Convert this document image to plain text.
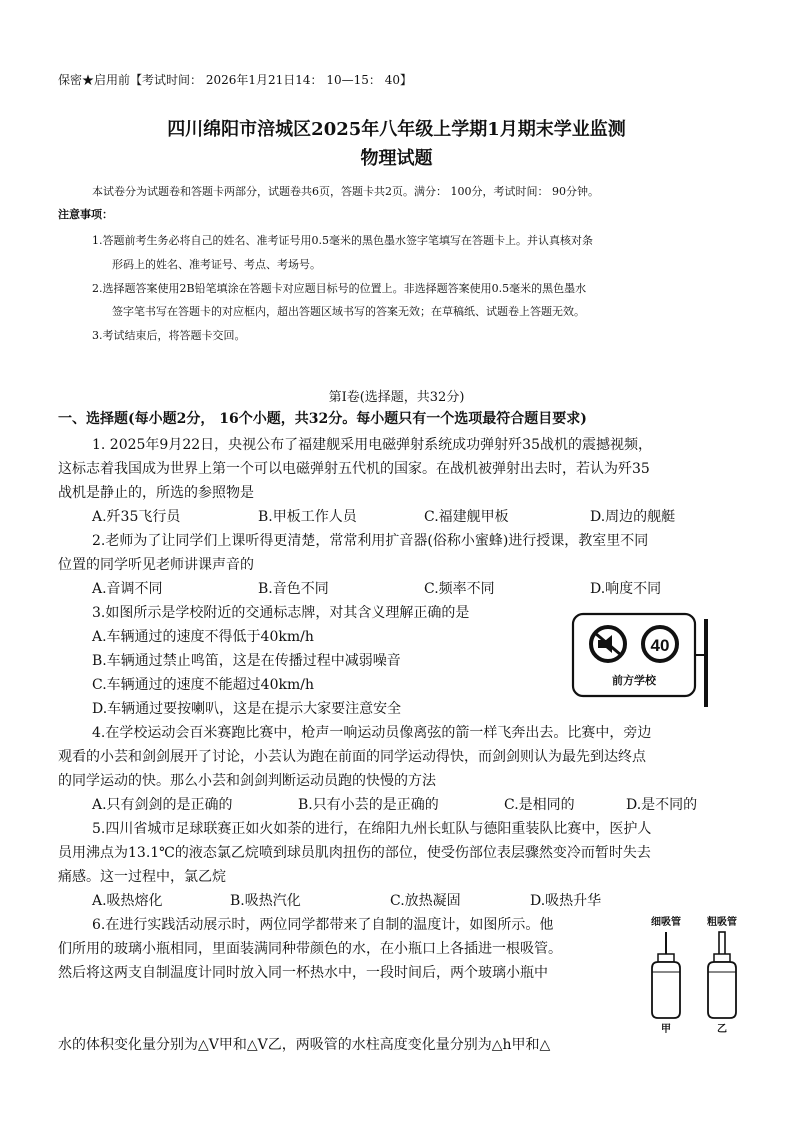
保密★启用前【考试时间： 2026年1月21日14： 10—15： 40】
四川绵阳市涪城区2025年八年级上学期1月期末学业监测
物理试题
本试卷分为试题卷和答题卡两部分，试题卷共6页，答题卡共2页。满分： 100分，考试时间： 90分钟。
注意事项：
1.答题前考生务必将自己的姓名、准考证号用0.5毫米的黑色墨水签字笔填写在答题卡上。并认真核对条
形码上的姓名、准考证号、考点、考场号。
2.选择题答案使用2B铅笔填涂在答题卡对应题目标号的位置上。非选择题答案使用0.5毫米的黑色墨水
签字笔书写在答题卡的对应框内，超出答题区域书写的答案无效；在草稿纸、试题卷上答题无效。
3.考试结束后，将答题卡交回。
第Ⅰ卷(选择题，共32分)
一、选择题(每小题2分， 16个小题，共32分。每小题只有一个选项最符合题目要求)
1. 2025年9月22日，央视公布了福建舰采用电磁弹射系统成功弹射歼35战机的震撼视频，
这标志着我国成为世界上第一个可以电磁弹射五代机的国家。在战机被弹射出去时，若认为歼35
战机是静止的，所选的参照物是
A.歼35飞行员	B.甲板工作人员	C.福建舰甲板	D.周边的舰艇
2.老师为了让同学们上课听得更清楚，常常利用扩音器(俗称小蜜蜂)进行授课，教室里不同
位置的同学听见老师讲课声音的
A.音调不同	B.音色不同	C.频率不同	D.响度不同
3.如图所示是学校附近的交通标志牌，对其含义理解正确的是
A.车辆通过的速度不得低于40km/h
B.车辆通过禁止鸣笛，这是在传播过程中减弱噪音
C.车辆通过的速度不能超过40km/h
D.车辆通过要按喇叭，这是在提示大家要注意安全
40
前方学校
4.在学校运动会百米赛跑比赛中，枪声一响运动员像离弦的箭一样飞奔出去。比赛中，旁边
观看的小芸和剑剑展开了讨论，小芸认为跑在前面的同学运动得快，而剑剑则认为最先到达终点
的同学运动的快。那么小芸和剑剑判断运动员跑的快慢的方法
A.只有剑剑的是正确的	B.只有小芸的是正确的	C.是相同的	D.是不同的
5.四川省城市足球联赛正如火如荼的进行，在绵阳九州长虹队与德阳重装队比赛中，医护人
员用沸点为13.1℃的液态氯乙烷喷到球员肌肉扭伤的部位，使受伤部位表层骤然变冷而暂时失去
痛感。这一过程中，氯乙烷
A.吸热熔化	B.吸热汽化	C.放热凝固	D.吸热升华
6.在进行实践活动展示时，两位同学都带来了自制的温度计，如图所示。他
们所用的玻璃小瓶相同，里面装满同种带颜色的水，在小瓶口上各插进一根吸管。
然后将这两支自制温度计同时放入同一杯热水中，一段时间后，两个玻璃小瓶中
水的体积变化量分别为△V甲和△V乙，两吸管的水柱高度变化量分别为△h甲和△
细吸管	粗吸管
甲	乙
